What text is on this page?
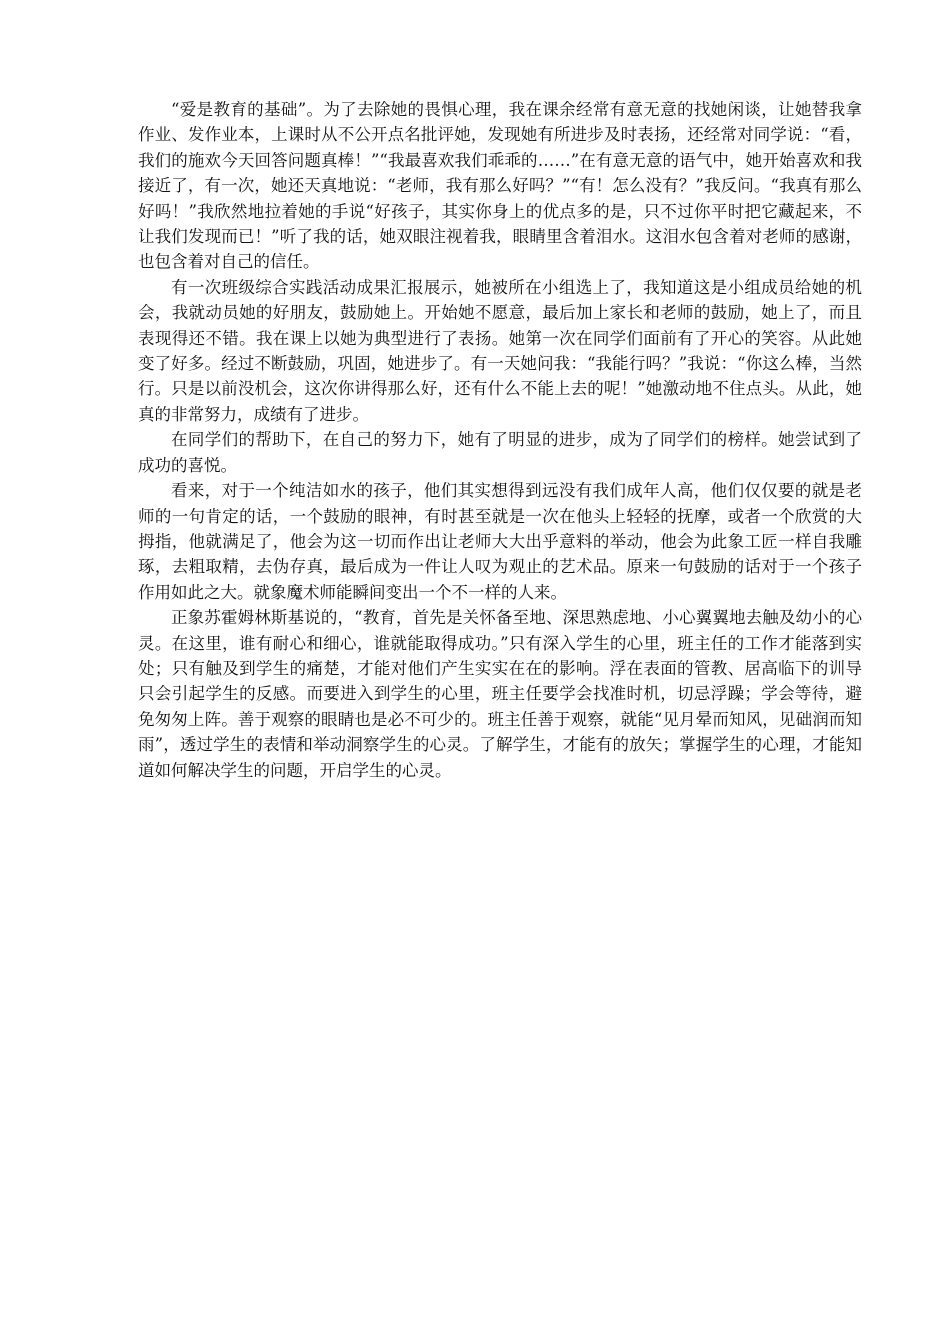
“爱是教育的基础”。为了去除她的畏惧心理，我在课余经常有意无意的找她闲谈，让她替我拿作业、发作业本，上课时从不公开点名批评她，发现她有所进步及时表扬，还经常对同学说：“看，我们的施欢今天回答问题真棒！”“我最喜欢我们乖乖的……”在有意无意的语气中，她开始喜欢和我接近了，有一次，她还天真地说：“老师，我有那么好吗？”“有！怎么没有？”我反问。“我真有那么好吗！”我欣然地拉着她的手说“好孩子，其实你身上的优点多的是，只不过你平时把它藏起来，不让我们发现而已！”听了我的话，她双眼注视着我，眼睛里含着泪水。这泪水包含着对老师的感谢，也包含着对自己的信任。

有一次班级综合实践活动成果汇报展示，她被所在小组选上了，我知道这是小组成员给她的机会，我就动员她的好朋友，鼓励她上。开始她不愿意，最后加上家长和老师的鼓励，她上了，而且表现得还不错。我在课上以她为典型进行了表扬。她第一次在同学们面前有了开心的笑容。从此她变了好多。经过不断鼓励，巩固，她进步了。有一天她问我：“我能行吗？”我说：“你这么棒，当然行。只是以前没机会，这次你讲得那么好，还有什么不能上去的呢！”她激动地不住点头。从此，她真的非常努力，成绩有了进步。

在同学们的帮助下，在自己的努力下，她有了明显的进步，成为了同学们的榜样。她尝试到了成功的喜悦。

看来，对于一个纯洁如水的孩子，他们其实想得到远没有我们成年人高，他们仅仅要的就是老师的一句肯定的话，一个鼓励的眼神，有时甚至就是一次在他头上轻轻的抚摩，或者一个欣赏的大拇指，他就满足了，他会为这一切而作出让老师大大出乎意料的举动，他会为此象工匠一样自我雕琢，去粗取精，去伪存真，最后成为一件让人叹为观止的艺术品。原来一句鼓励的话对于一个孩子作用如此之大。就象魔术师能瞬间变出一个不一样的人来。

正象苏霍姆林斯基说的，“教育，首先是关怀备至地、深思熟虑地、小心翼翼地去触及幼小的心灵。在这里，谁有耐心和细心，谁就能取得成功。”只有深入学生的心里，班主任的工作才能落到实处；只有触及到学生的痛楚，才能对他们产生实实在在的影响。浮在表面的管教、居高临下的训导只会引起学生的反感。而要进入到学生的心里，班主任要学会找准时机，切忌浮躁；学会等待，避免匆匆上阵。善于观察的眼睛也是必不可少的。班主任善于观察，就能“见月晕而知风，见础润而知雨”，透过学生的表情和举动洞察学生的心灵。了解学生，才能有的放矢；掌握学生的心理，才能知道如何解决学生的问题，开启学生的心灵。
